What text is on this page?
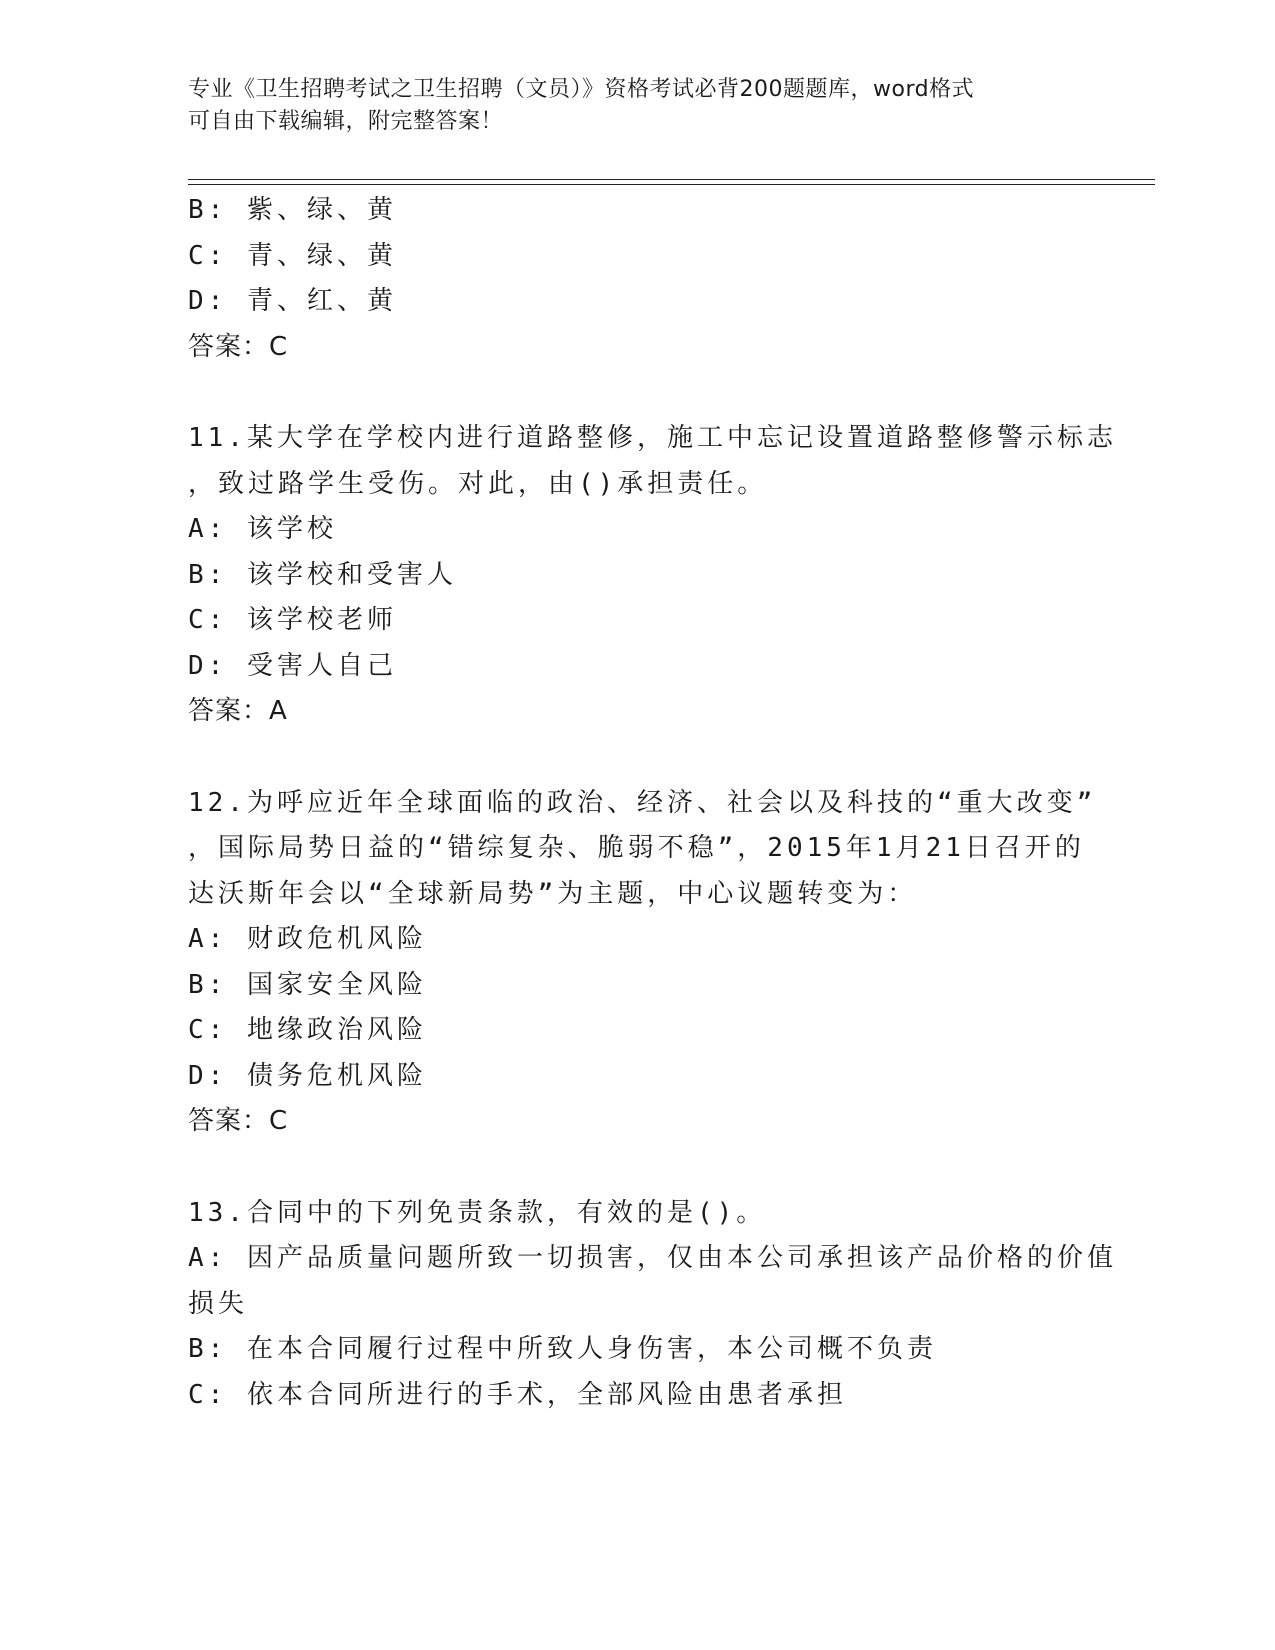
专业《卫生招聘考试之卫生招聘（文员）》资格考试必背200题题库，word格式
可自由下载编辑，附完整答案！
B: 紫、绿、黄
C: 青、绿、黄
D: 青、红、黄
答案：C
11.某大学在学校内进行道路整修，施工中忘记设置道路整修警示标志
，致过路学生受伤。对此，由()承担责任。
A: 该学校
B: 该学校和受害人
C: 该学校老师
D: 受害人自己
答案：A
12.为呼应近年全球面临的政治、经济、社会以及科技的“重大改变”
，国际局势日益的“错综复杂、脆弱不稳”，2015年1月21日召开的
达沃斯年会以“全球新局势”为主题，中心议题转变为：
A: 财政危机风险
B: 国家安全风险
C: 地缘政治风险
D: 债务危机风险
答案：C
13.合同中的下列免责条款，有效的是()。
A: 因产品质量问题所致一切损害，仅由本公司承担该产品价格的价值
损失
B: 在本合同履行过程中所致人身伤害，本公司概不负责
C: 依本合同所进行的手术，全部风险由患者承担
